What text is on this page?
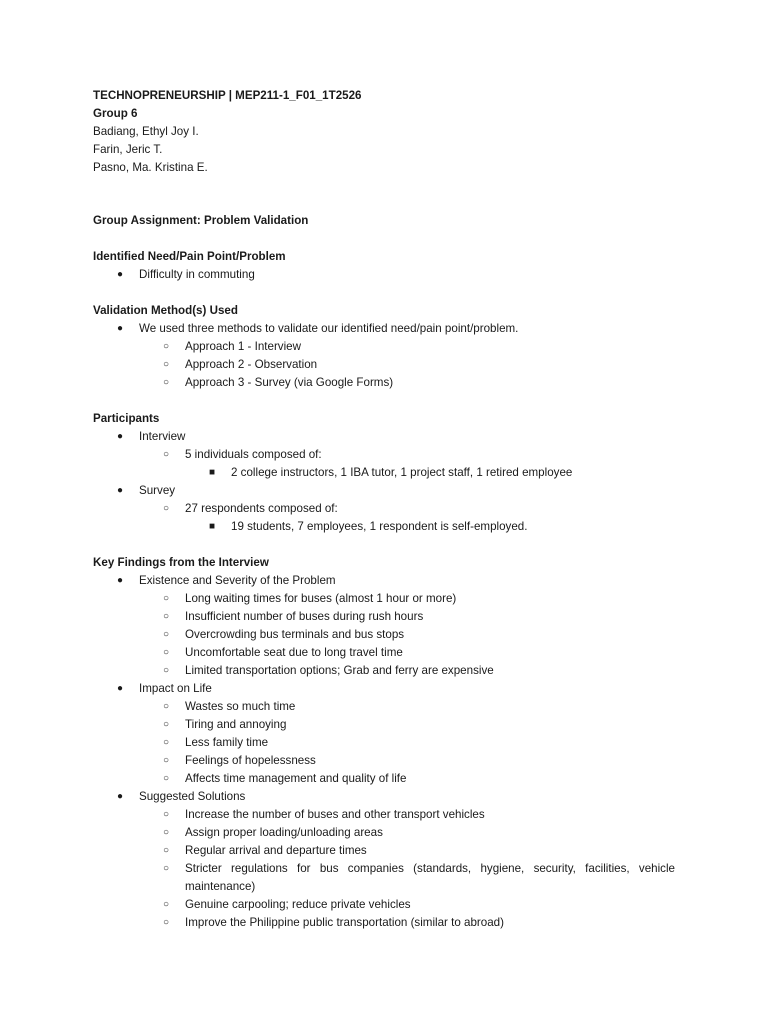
TECHNOPRENEURSHIP | MEP211-1_F01_1T2526
Group 6
Badiang, Ethyl Joy I.
Farin, Jeric T.
Pasno, Ma. Kristina E.
Group Assignment: Problem Validation
Identified Need/Pain Point/Problem
● Difficulty in commuting
Validation Method(s) Used
● We used three methods to validate our identified need/pain point/problem.
○ Approach 1 - Interview
○ Approach 2 - Observation
○ Approach 3 - Survey (via Google Forms)
Participants
● Interview
○ 5 individuals composed of:
■ 2 college instructors, 1 IBA tutor, 1 project staff, 1 retired employee
● Survey
○ 27 respondents composed of:
■ 19 students, 7 employees, 1 respondent is self-employed.
Key Findings from the Interview
● Existence and Severity of the Problem
○ Long waiting times for buses (almost 1 hour or more)
○ Insufficient number of buses during rush hours
○ Overcrowding bus terminals and bus stops
○ Uncomfortable seat due to long travel time
○ Limited transportation options; Grab and ferry are expensive
● Impact on Life
○ Wastes so much time
○ Tiring and annoying
○ Less family time
○ Feelings of hopelessness
○ Affects time management and quality of life
● Suggested Solutions
○ Increase the number of buses and other transport vehicles
○ Assign proper loading/unloading areas
○ Regular arrival and departure times
○ Stricter regulations for bus companies (standards, hygiene, security, facilities, vehicle maintenance)
○ Genuine carpooling; reduce private vehicles
○ Improve the Philippine public transportation (similar to abroad)
